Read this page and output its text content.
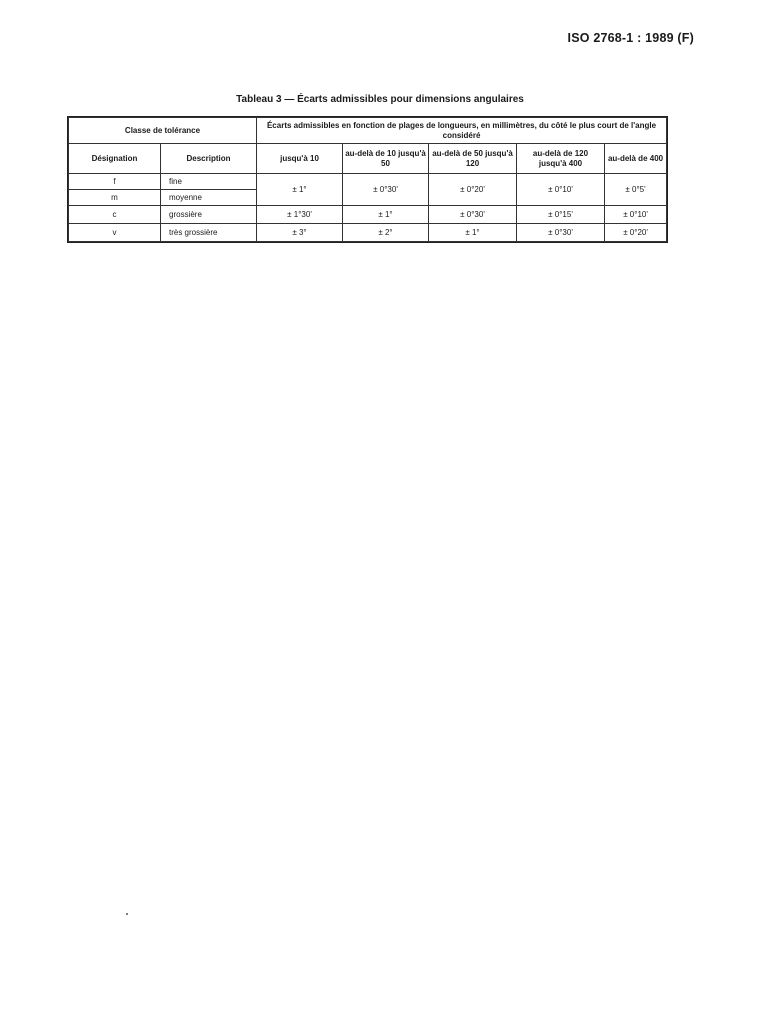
ISO 2768-1 : 1989 (F)
Tableau 3 — Écarts admissibles pour dimensions angulaires
Classe de tolérance		Écarts admissibles en fonction de plages de longueurs, en millimètres, du côté le plus court de l'angle considéré				
Désignation	Description	jusqu'à 10	au-delà de 10 jusqu'à 50	au-delà de 50 jusqu'à 120	au-delà de 120 jusqu'à 400	au-delà de 400
f	fine	± 1°	± 0°30'	± 0°20'	± 0°10'	± 0°5'
m	moyenne					
c	grossière	± 1°30'	± 1°	± 0°30'	± 0°15'	± 0°10'
v	très grossière	± 3°	± 2°	± 1°	± 0°30'	± 0°20'
